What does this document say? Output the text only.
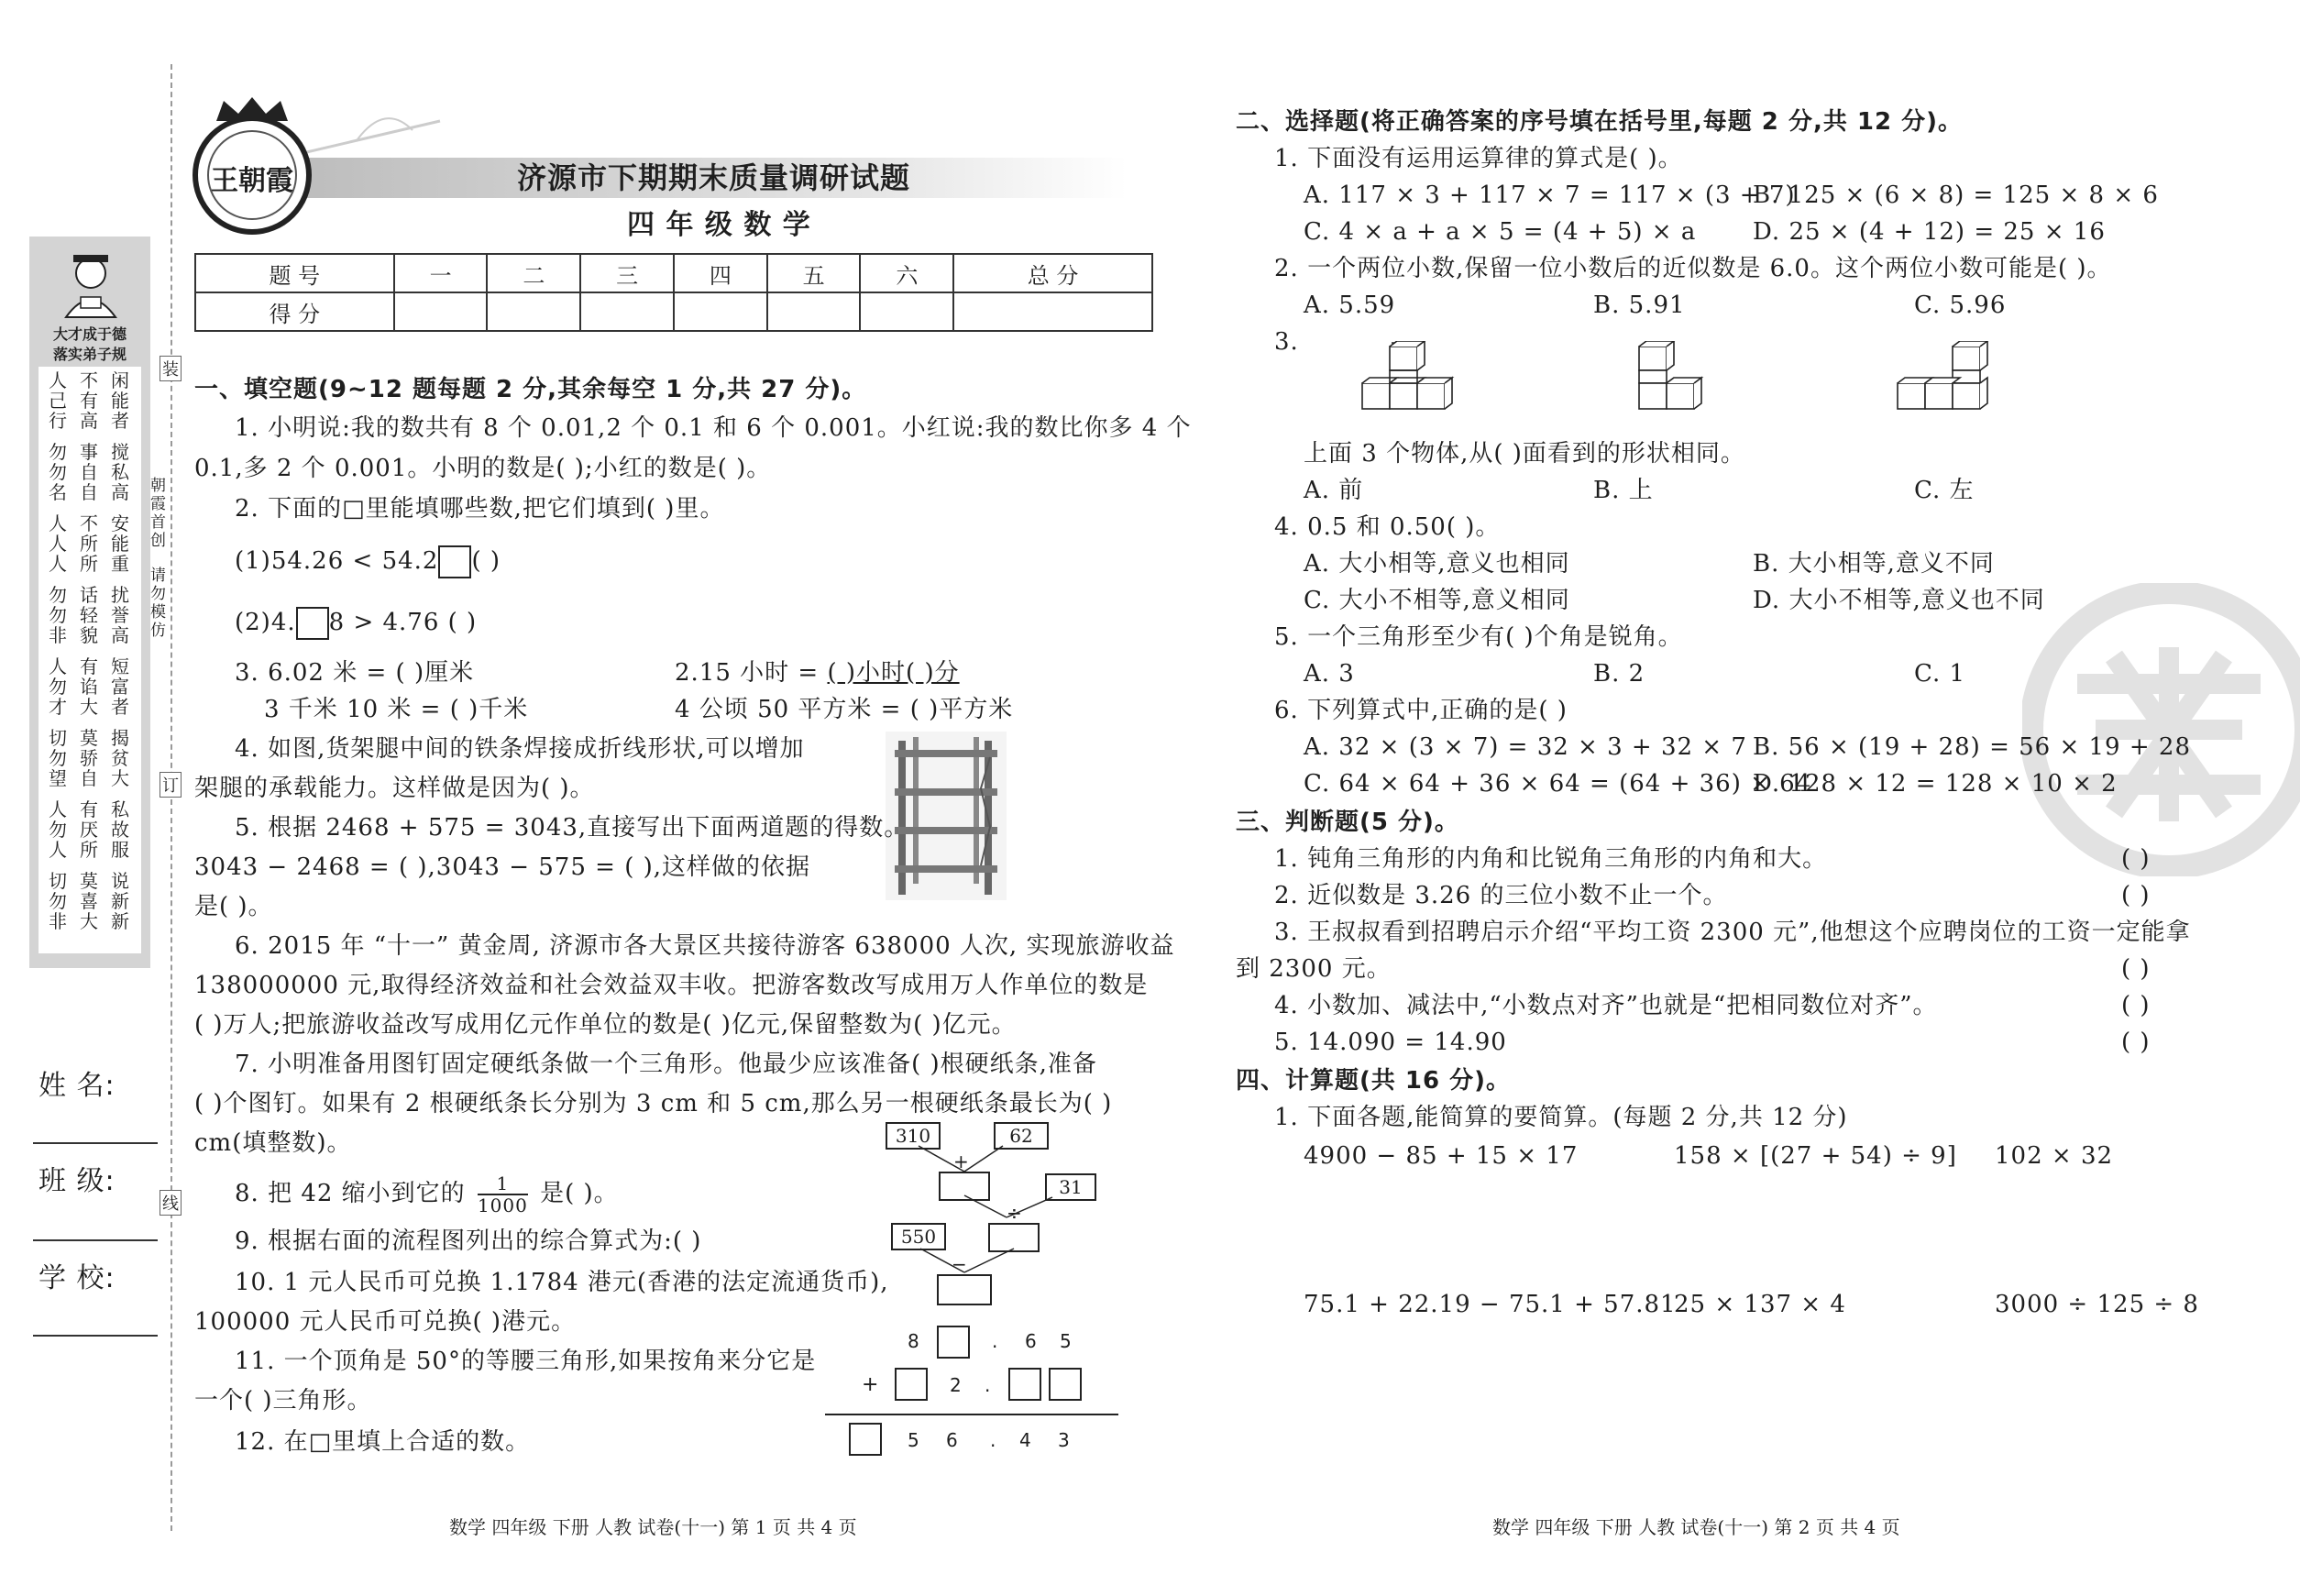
装
订
线
朝霞首创
请勿模仿
大才成于德
落实弟子规
人己行
不有高
闲能者
勿勿名
事自自
搅私高
人人人
不所所
安能重
勿勿非
话轻貌
扰誉高
人勿才
有谄大
短富者
切勿望
莫骄自
揭贫大
人勿人
有厌所
私故服
切勿非
莫喜大
说新新
姓 名:
班 级:
学 校:
王朝霞	济源市下期期末质量调研试题
四 年 级 数 学
题 号	一	二	三	四	五	六	总 分
得 分							
一、填空题(9~12 题每题 2 分,其余每空 1 分,共 27 分)。
1. 小明说:我的数共有 8 个 0.01,2 个 0.1 和 6 个 0.001。小红说:我的数比你多 4 个
0.1,多 2 个 0.001。小明的数是( );小红的数是( )。
2. 下面的□里能填哪些数,把它们填到( )里。
(1)54.26 < 54.2 ( )
(2)4. 8 > 4.76 ( )
3. 6.02 米 = ( )厘米	2.15 小时 = ( )小时( )分
3 千米 10 米 = ( )千米	4 公顷 50 平方米 = ( )平方米
4. 如图,货架腿中间的铁条焊接成折线形状,可以增加
架腿的承载能力。这样做是因为( )。
5. 根据 2468 + 575 = 3043,直接写出下面两道题的得数。
3043 − 2468 = ( ),3043 − 575 = ( ),这样做的依据
是( )。
6. 2015 年 “十一” 黄金周, 济源市各大景区共接待游客 638000 人次, 实现旅游收益
138000000 元,取得经济效益和社会效益双丰收。把游客数改写成用万人作单位的数是
( )万人;把旅游收益改写成用亿元作单位的数是( )亿元,保留整数为( )亿元。
7. 小明准备用图钉固定硬纸条做一个三角形。他最少应该准备( )根硬纸条,准备
( )个图钉。如果有 2 根硬纸条长分别为 3 cm 和 5 cm,那么另一根硬纸条最长为( )
cm(填整数)。
8. 把 42 缩小到它的 $\frac{1}{1000}$ 是( )。
9. 根据右面的流程图列出的综合算式为:( )
10. 1 元人民币可兑换 1.1784 港元(香港的法定流通货币),
100000 元人民币可兑换( )港元。
11. 一个顶角是 50°的等腰三角形,如果按角来分它是
一个( )三角形。
12. 在□里填上合适的数。
310	62
+
31
÷
550
−
8	. 6 5
+	2 .
5 6 . 4 3
数学 四年级 下册 人教 试卷(十一) 第 1 页 共 4 页
二、选择题(将正确答案的序号填在括号里,每题 2 分,共 12 分)。
1. 下面没有运用运算律的算式是( )。
A. 117 × 3 + 117 × 7 = 117 × (3 + 7)
B. 125 × (6 × 8) = 125 × 8 × 6
C. 4 × a + a × 5 = (4 + 5) × a D. 25 × (4 + 12) = 25 × 16
2. 一个两位小数,保留一位小数后的近似数是 6.0。这个两位小数可能是( )。
A. 5.59	B. 5.91	C. 5.96
3.
上面 3 个物体,从( )面看到的形状相同。
A. 前	B. 上	C. 左
4. 0.5 和 0.50( )。
A. 大小相等,意义也相同	B. 大小相等,意义不同
C. 大小不相等,意义相同	D. 大小不相等,意义也不同
5. 一个三角形至少有( )个角是锐角。
A. 3	B. 2	C. 1
6. 下列算式中,正确的是( )
A. 32 × (3 × 7) = 32 × 3 + 32 × 7 B. 56 × (19 + 28) = 56 × 19 + 28
C. 64 × 64 + 36 × 64 = (64 + 36) × 64
D. 128 × 12 = 128 × 10 × 2
三、判断题(5 分)。
1. 钝角三角形的内角和比锐角三角形的内角和大。	( )
2. 近似数是 3.26 的三位小数不止一个。	( )
3. 王叔叔看到招聘启示介绍“平均工资 2300 元”,他想这个应聘岗位的工资一定能拿
到 2300 元。	( )
4. 小数加、减法中,“小数点对齐”也就是“把相同数位对齐”。	( )
5. 14.090 = 14.90	( )
四、计算题(共 16 分)。
1. 下面各题,能简算的要简算。(每题 2 分,共 12 分)
4900 − 85 + 15 × 17	158 × [(27 + 54) ÷ 9] 102 × 32
75.1 + 22.19 − 75.1 + 57.81
25 × 137 × 4	3000 ÷ 125 ÷ 8
数学 四年级 下册 人教 试卷(十一) 第 2 页 共 4 页
